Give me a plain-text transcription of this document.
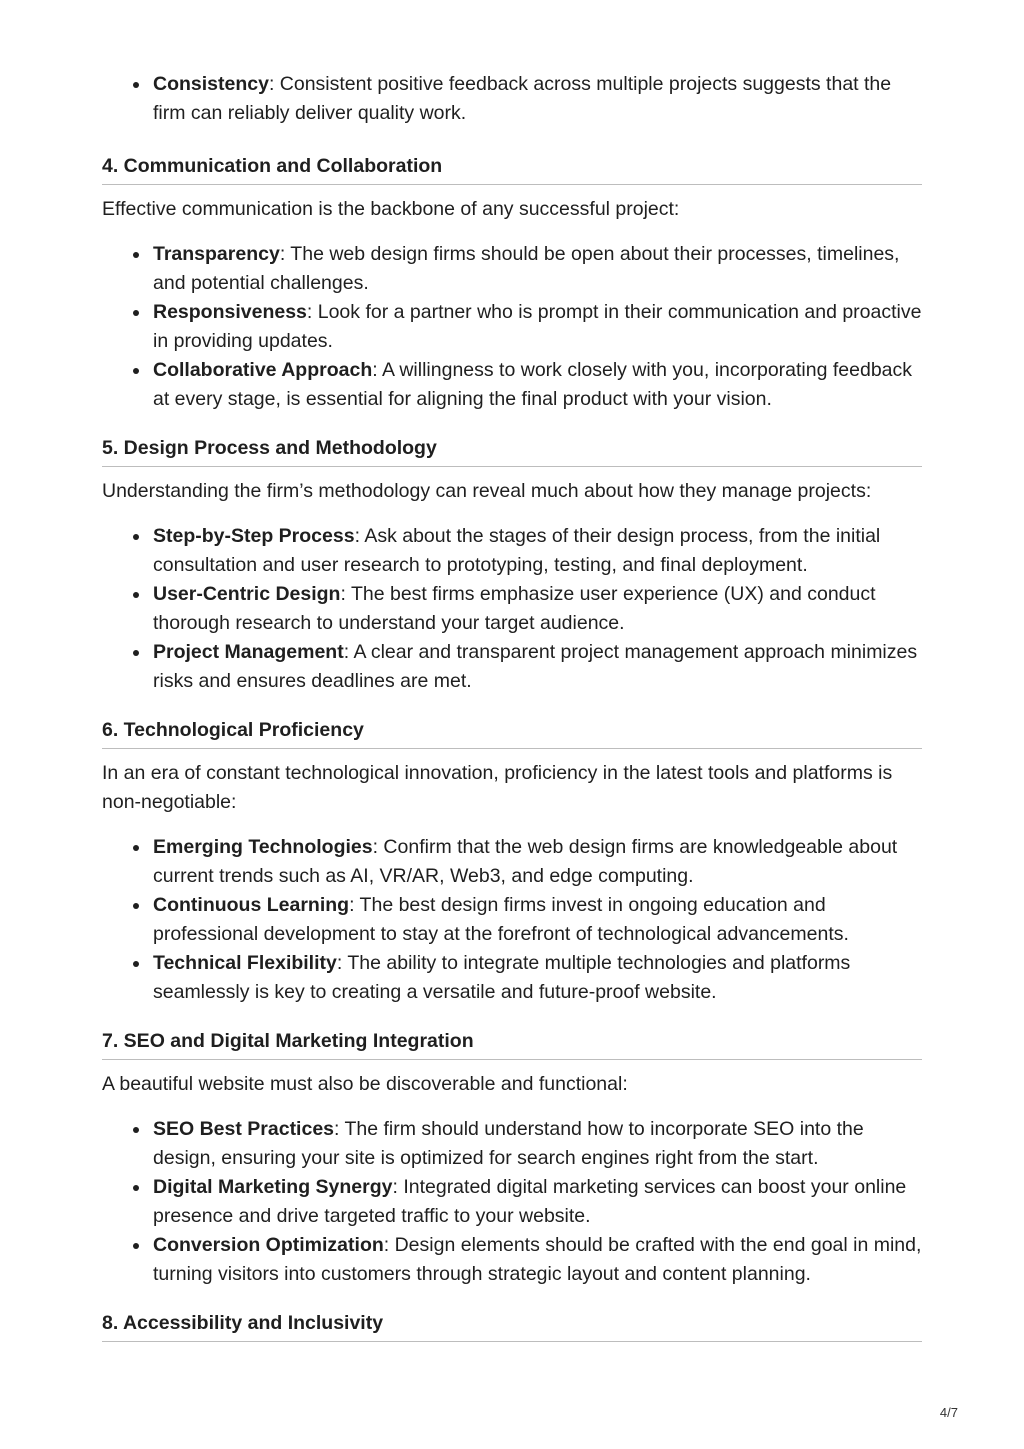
Consistency: Consistent positive feedback across multiple projects suggests that the firm can reliably deliver quality work.
4. Communication and Collaboration

Effective communication is the backbone of any successful project:

Transparency: The web design firms should be open about their processes, timelines, and potential challenges.
Responsiveness: Look for a partner who is prompt in their communication and proactive in providing updates.
Collaborative Approach: A willingness to work closely with you, incorporating feedback at every stage, is essential for aligning the final product with your vision.
5. Design Process and Methodology

Understanding the firm’s methodology can reveal much about how they manage projects:

Step-by-Step Process: Ask about the stages of their design process, from the initial consultation and user research to prototyping, testing, and final deployment.
User-Centric Design: The best firms emphasize user experience (UX) and conduct thorough research to understand your target audience.
Project Management: A clear and transparent project management approach minimizes risks and ensures deadlines are met.
6. Technological Proficiency

In an era of constant technological innovation, proficiency in the latest tools and platforms is non-negotiable:

Emerging Technologies: Confirm that the web design firms are knowledgeable about current trends such as AI, VR/AR, Web3, and edge computing.
Continuous Learning: The best design firms invest in ongoing education and professional development to stay at the forefront of technological advancements.
Technical Flexibility: The ability to integrate multiple technologies and platforms seamlessly is key to creating a versatile and future-proof website.
7. SEO and Digital Marketing Integration

A beautiful website must also be discoverable and functional:

SEO Best Practices: The firm should understand how to incorporate SEO into the design, ensuring your site is optimized for search engines right from the start.
Digital Marketing Synergy: Integrated digital marketing services can boost your online presence and drive targeted traffic to your website.
Conversion Optimization: Design elements should be crafted with the end goal in mind, turning visitors into customers through strategic layout and content planning.
8. Accessibility and Inclusivity
4/7
